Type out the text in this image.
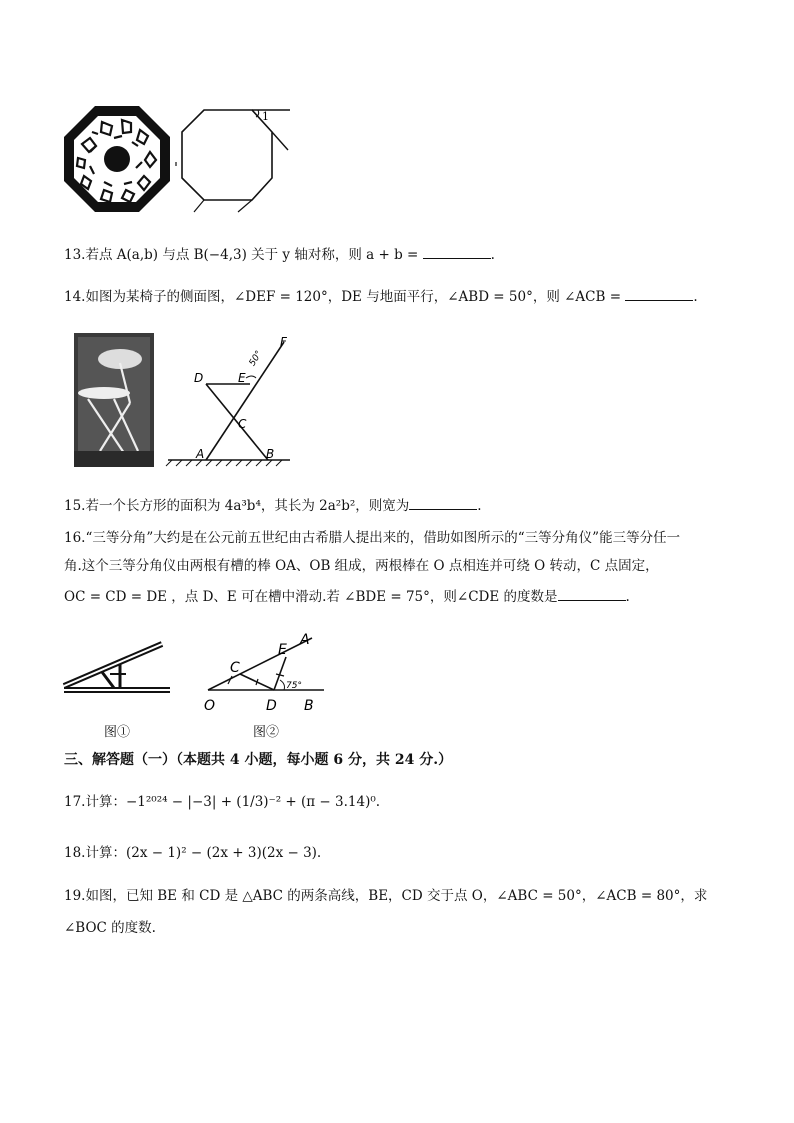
1
13.若点 A(a,b) 与点 B(−4,3) 关于 y 轴对称，则 a + b =	.
14.如图为某椅子的侧面图，∠DEF = 120°，DE 与地面平行，∠ABD = 50°，则 ∠ACB =	.
D	E
F
C
A	B
50°
15.若一个长方形的面积为 4a³b⁴，其长为 2a²b²，则宽为	.
16.“三等分角”大约是在公元前五世纪由古希腊人提出来的，借助如图所示的“三等分角仪”能三等分任一
角.这个三等分角仪由两根有槽的棒 OA、OB 组成，两根棒在 O 点相连并可绕 O 转动，C 点固定，
OC = CD = DE ，点 D、E 可在槽中滑动.若 ∠BDE = 75°，则∠CDE 的度数是	.
图①
O
C
D B
E
A
75°
图②
三、解答题（一）（本题共 4 小题，每小题 6 分，共 24 分.）
17.计算：−1²⁰²⁴ − |−3| + (1/3)⁻² + (π − 3.14)⁰.
18.计算：(2x − 1)² − (2x + 3)(2x − 3).
19.如图，已知 BE 和 CD 是 △ABC 的两条高线，BE，CD 交于点 O，∠ABC = 50°，∠ACB = 80°，求
∠BOC 的度数.
